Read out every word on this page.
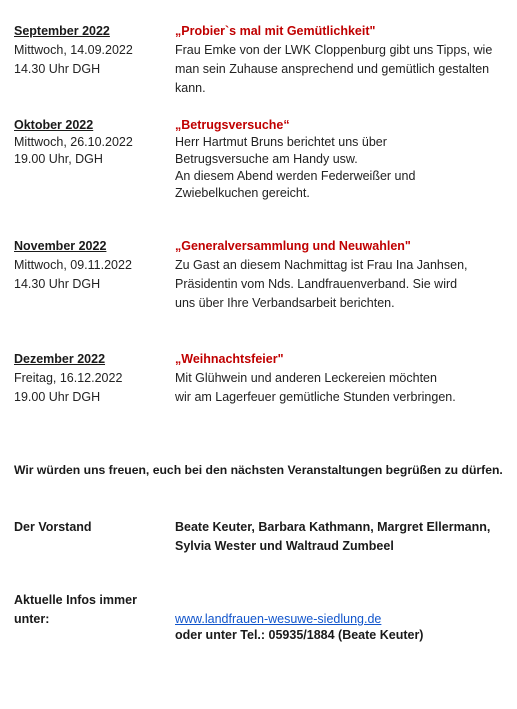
September 2022
Mittwoch, 14.09.2022
14.30 Uhr DGH
„Probier`s mal mit Gemütlichkeit"
Frau Emke von der LWK Cloppenburg gibt uns Tipps, wie
man sein Zuhause ansprechend und gemütlich gestalten
kann.
Oktober 2022
Mittwoch, 26.10.2022
19.00 Uhr, DGH
„Betrugsversuche“
Herr Hartmut Bruns berichtet uns über
Betrugsversuche am Handy usw.
An diesem Abend werden Federweißer und
Zwiebelkuchen gereicht.
November 2022
Mittwoch, 09.11.2022
14.30 Uhr DGH
„Generalversammlung und Neuwahlen"
Zu Gast an diesem Nachmittag ist Frau Ina Janhsen,
Präsidentin vom Nds. Landfrauenverband. Sie wird
uns über Ihre Verbandsarbeit berichten.
Dezember 2022
Freitag, 16.12.2022
19.00 Uhr DGH
„Weihnachtsfeier"
Mit Glühwein und anderen Leckereien möchten
wir am Lagerfeuer gemütliche Stunden verbringen.
Wir würden uns freuen, euch bei den nächsten Veranstaltungen begrüßen zu dürfen.
Der Vorstand	Beate Keuter, Barbara Kathmann, Margret Ellermann,
Sylvia Wester und Waltraud Zumbeel
Aktuelle Infos immer
unter:	www.landfrauen-wesuwe-siedlung.de
oder unter Tel.: 05935/1884 (Beate Keuter)
